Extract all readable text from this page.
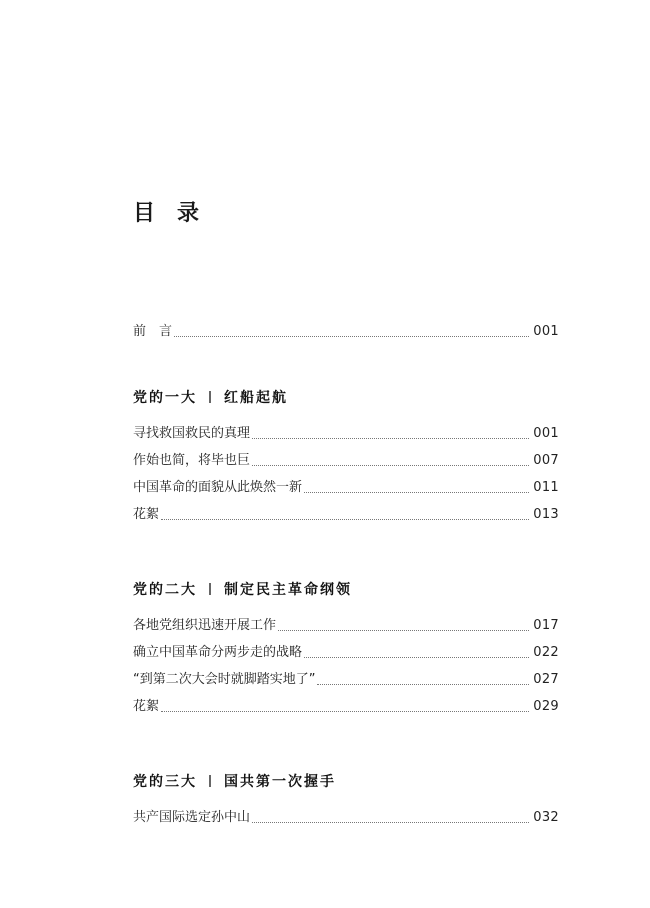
目　录
前　言	001
党的一大 红船起航
寻找救国救民的真理	001
作始也简，将毕也巨	007
中国革命的面貌从此焕然一新	011
花絮	013
党的二大 制定民主革命纲领
各地党组织迅速开展工作	017
确立中国革命分两步走的战略	022
“到第二次大会时就脚踏实地了”	027
花絮	029
党的三大 国共第一次握手
共产国际选定孙中山	032
